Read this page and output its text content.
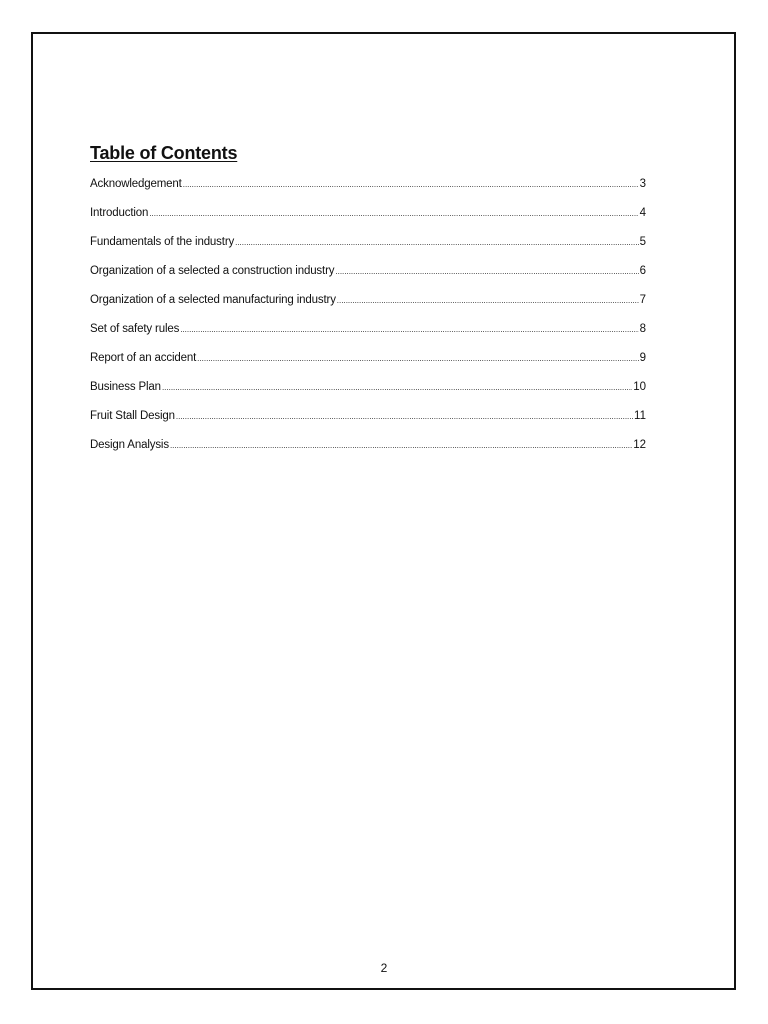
Table of Contents
Acknowledgement .....	3
Introduction .....	4
Fundamentals of the industry .....	5
Organization of a selected a construction industry .....	6
Organization of a selected manufacturing industry .....	7
Set of safety rules .....	8
Report of an accident .....	9
Business Plan .....	10
Fruit Stall Design .....	11
Design Analysis .....	12
2
